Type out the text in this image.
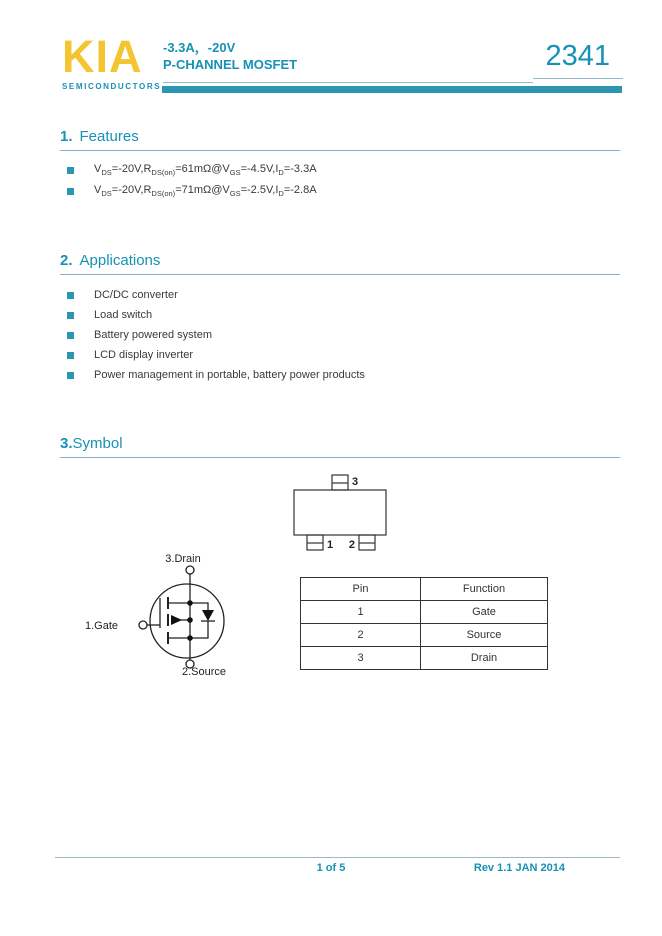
KIA
SEMICONDUCTORS
-3.3A，-20V
P-CHANNEL MOSFET	2341
1. Features
$V_{DS}=-20V,R_{DS(on)}=61m\Omega@V_{GS}=-4.5V,I_D=-3.3A$
$V_{DS}=-20V,R_{DS(on)}=71m\Omega@V_{GS}=-2.5V,I_D=-2.8A$
2. Applications
DC/DC converter
Load switch
Battery powered system
LCD display inverter
Power management in portable, battery power products
3.Symbol
3
1 2
3.Drain
1.Gate
2.Source
Pin	Function
1	Gate
2	Source
3	Drain
1 of 5	Rev 1.1 JAN 2014
